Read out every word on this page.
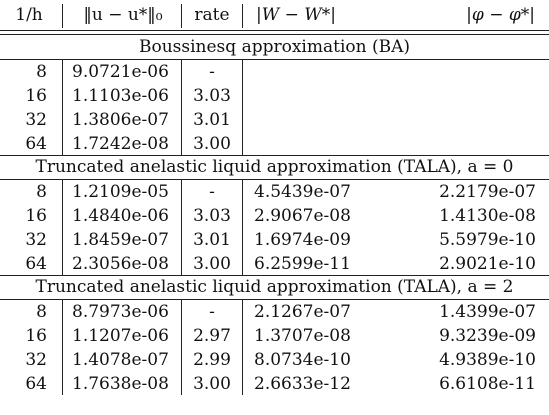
1/h	‖u − u*‖₀	rate	|W − W*|	|φ − φ*|
Boussinesq approximation (BA)
8 9.0721e-06	-
16 1.1103e-06	3.03
32 1.3806e-07	3.01
64 1.7242e-08	3.00
Truncated anelastic liquid approximation (TALA), a = 0
8 1.2109e-05	-	4.5439e-07	2.2179e-07
16 1.4840e-06	3.03	2.9067e-08	1.4130e-08
32 1.8459e-07	3.01	1.6974e-09	5.5979e-10
64 2.3056e-08	3.00	6.2599e-11	2.9021e-10
Truncated anelastic liquid approximation (TALA), a = 2
8 8.7973e-06	-	2.1267e-07	1.4399e-07
16 1.1207e-06	2.97	1.3707e-08	9.3239e-09
32 1.4078e-07	2.99	8.0734e-10	4.9389e-10
64 1.7638e-08	3.00	2.6633e-12	6.6108e-11
